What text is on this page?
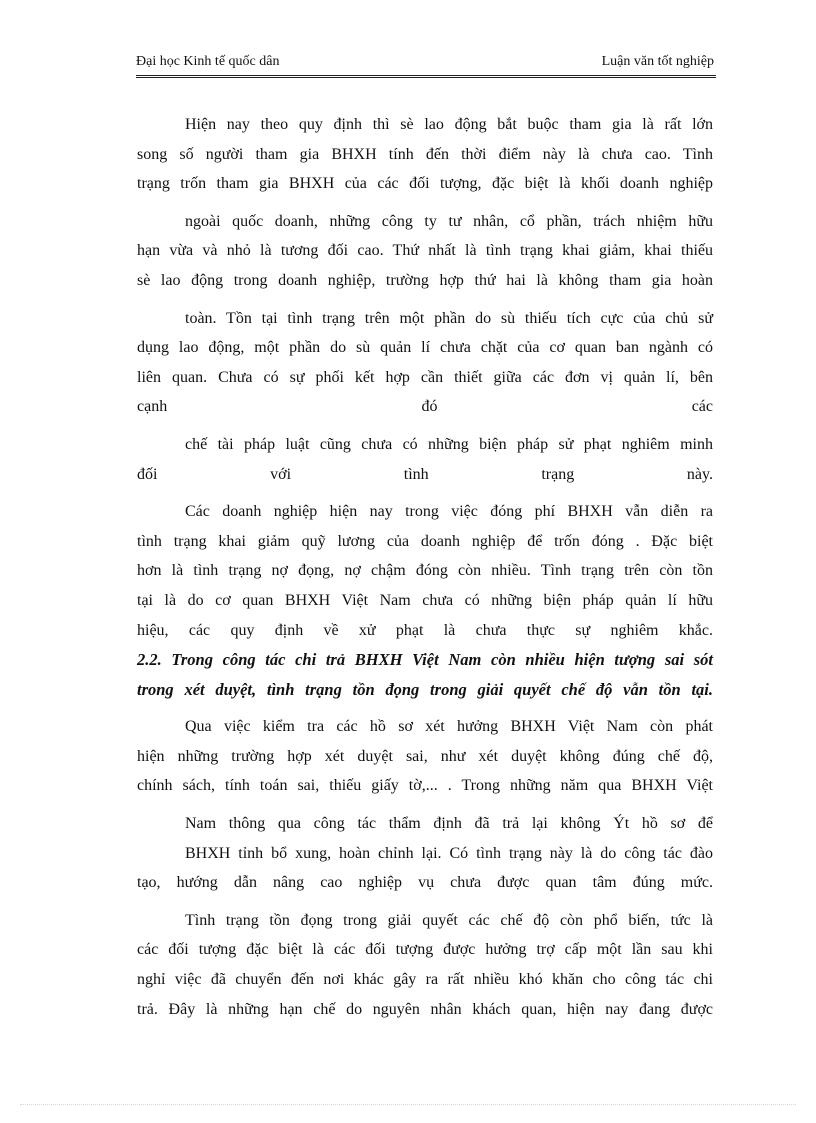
Đại học Kinh tế quốc dân	Luận văn tốt nghiệp
Hiện nay theo quy định thì sè lao động bắt buộc tham gia là rất lớn
song số người tham gia BHXH tính đến thời điểm này là chưa cao. Tình
trạng trốn tham gia BHXH của các đối tượng, đặc biệt là khối doanh nghiệp
ngoài quốc doanh, những công ty tư nhân, cổ phần, trách nhiệm hữu
hạn vừa và nhỏ là tương đối cao. Thứ nhất là tình trạng khai giảm, khai thiếu
sè lao động trong doanh nghiệp, trường hợp thứ hai là không tham gia hoàn
toàn. Tồn tại tình trạng trên một phần do sù thiếu tích cực của chủ sử
dụng lao động, một phần do sù quản lí chưa chặt của cơ quan ban ngành có
liên quan. Chưa có sự phối kết hợp cần thiết giữa các đơn vị quản lí, bên
cạnh đó các
chế tài pháp luật cũng chưa có những biện pháp sử phạt nghiêm minh
đối với tình trạng này.
Các doanh nghiệp hiện nay trong việc đóng phí BHXH vẫn diễn ra
tình trạng khai giảm quỹ lương của doanh nghiệp để trốn đóng . Đặc biệt
hơn là tình trạng nợ đọng, nợ chậm đóng còn nhiều. Tình trạng trên còn tồn
tại là do cơ quan BHXH Việt Nam chưa có những biện pháp quản lí hữu
hiệu, các quy định về xử phạt là chưa thực sự nghiêm khắc.
2.2. Trong công tác chi trả BHXH Việt Nam còn nhiều hiện tượng sai sót
trong xét duyệt, tình trạng tồn đọng trong giải quyết chế độ vẫn tồn tại.
Qua việc kiểm tra các hồ sơ xét hưởng BHXH Việt Nam còn phát
hiện những trường hợp xét duyệt sai, như xét duyệt không đúng chế độ,
chính sách, tính toán sai, thiếu giấy tờ,... . Trong những năm qua BHXH Việt
Nam thông qua công tác thẩm định đã trả lại không Ýt hồ sơ để
BHXH tỉnh bổ xung, hoàn chỉnh lại. Có tình trạng này là do công tác đào
tạo, hướng dẫn nâng cao nghiệp vụ chưa được quan tâm đúng mức.
Tình trạng tồn đọng trong giải quyết các chế độ còn phổ biến, tức là
các đối tượng đặc biệt là các đối tượng được hưởng trợ cấp một lần sau khi
nghỉ việc đã chuyển đến nơi khác gây ra rất nhiều khó khăn cho công tác chi
trả. Đây là những hạn chế do nguyên nhân khách quan, hiện nay đang được
